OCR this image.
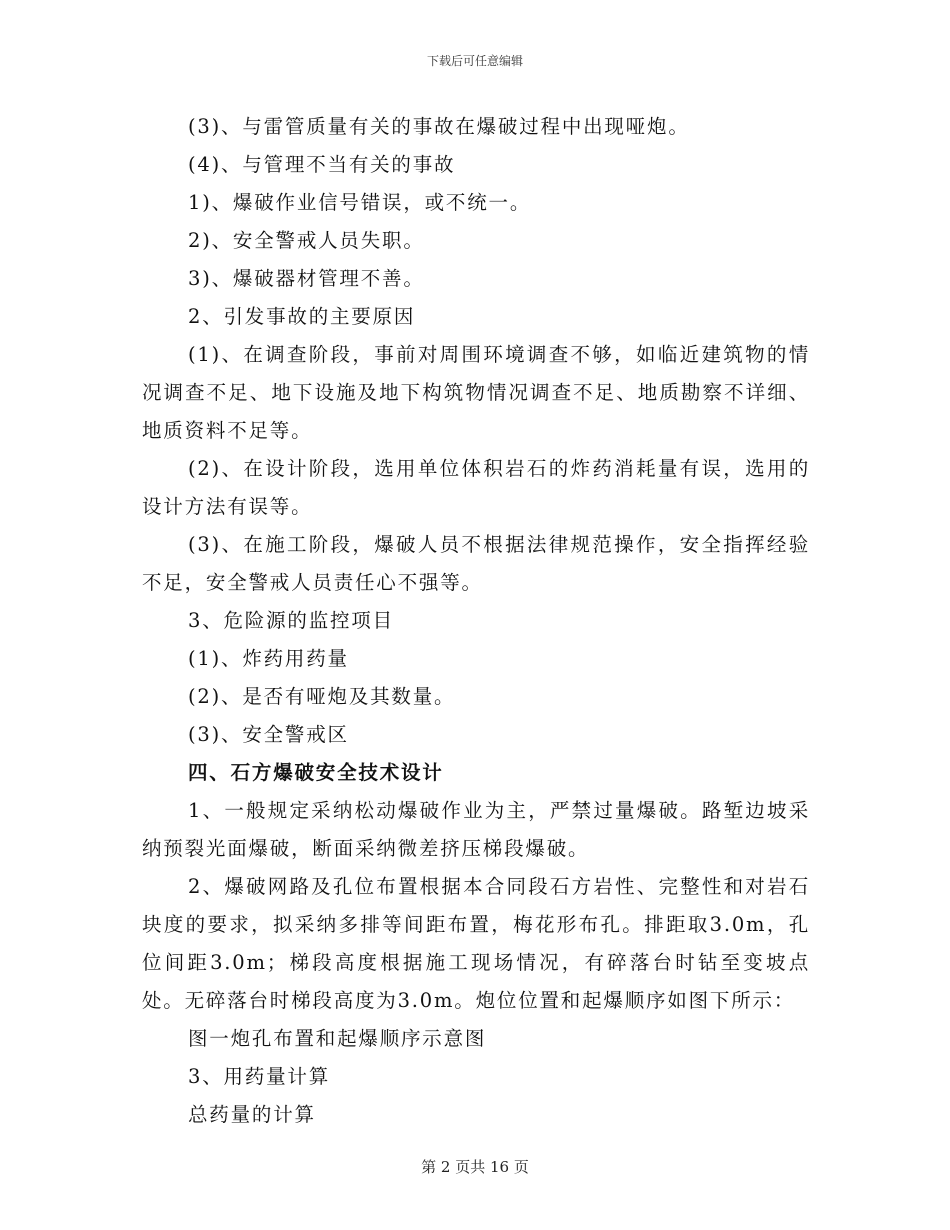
下载后可任意编辑

(3)、与雷管质量有关的事故在爆破过程中出现哑炮。

(4)、与管理不当有关的事故

1)、爆破作业信号错误，或不统一。

2)、安全警戒人员失职。

3)、爆破器材管理不善。

2、引发事故的主要原因

(1)、在调查阶段，事前对周围环境调查不够，如临近建筑物的情况调查不足、地下设施及地下构筑物情况调查不足、地质勘察不详细、地质资料不足等。

(2)、在设计阶段，选用单位体积岩石的炸药消耗量有误，选用的设计方法有误等。

(3)、在施工阶段，爆破人员不根据法律规范操作，安全指挥经验不足，安全警戒人员责任心不强等。

3、危险源的监控项目

(1)、炸药用药量

(2)、是否有哑炮及其数量。

(3)、安全警戒区

四、石方爆破安全技术设计

1、一般规定采纳松动爆破作业为主，严禁过量爆破。路堑边坡采纳预裂光面爆破，断面采纳微差挤压梯段爆破。

2、爆破网路及孔位布置根据本合同段石方岩性、完整性和对岩石块度的要求，拟采纳多排等间距布置，梅花形布孔。排距取3.0m，孔位间距3.0m；梯段高度根据施工现场情况，有碎落台时钻至变坡点处。无碎落台时梯段高度为3.0m。炮位位置和起爆顺序如图下所示：

图一炮孔布置和起爆顺序示意图

3、用药量计算

总药量的计算

第 2 页共 16 页
